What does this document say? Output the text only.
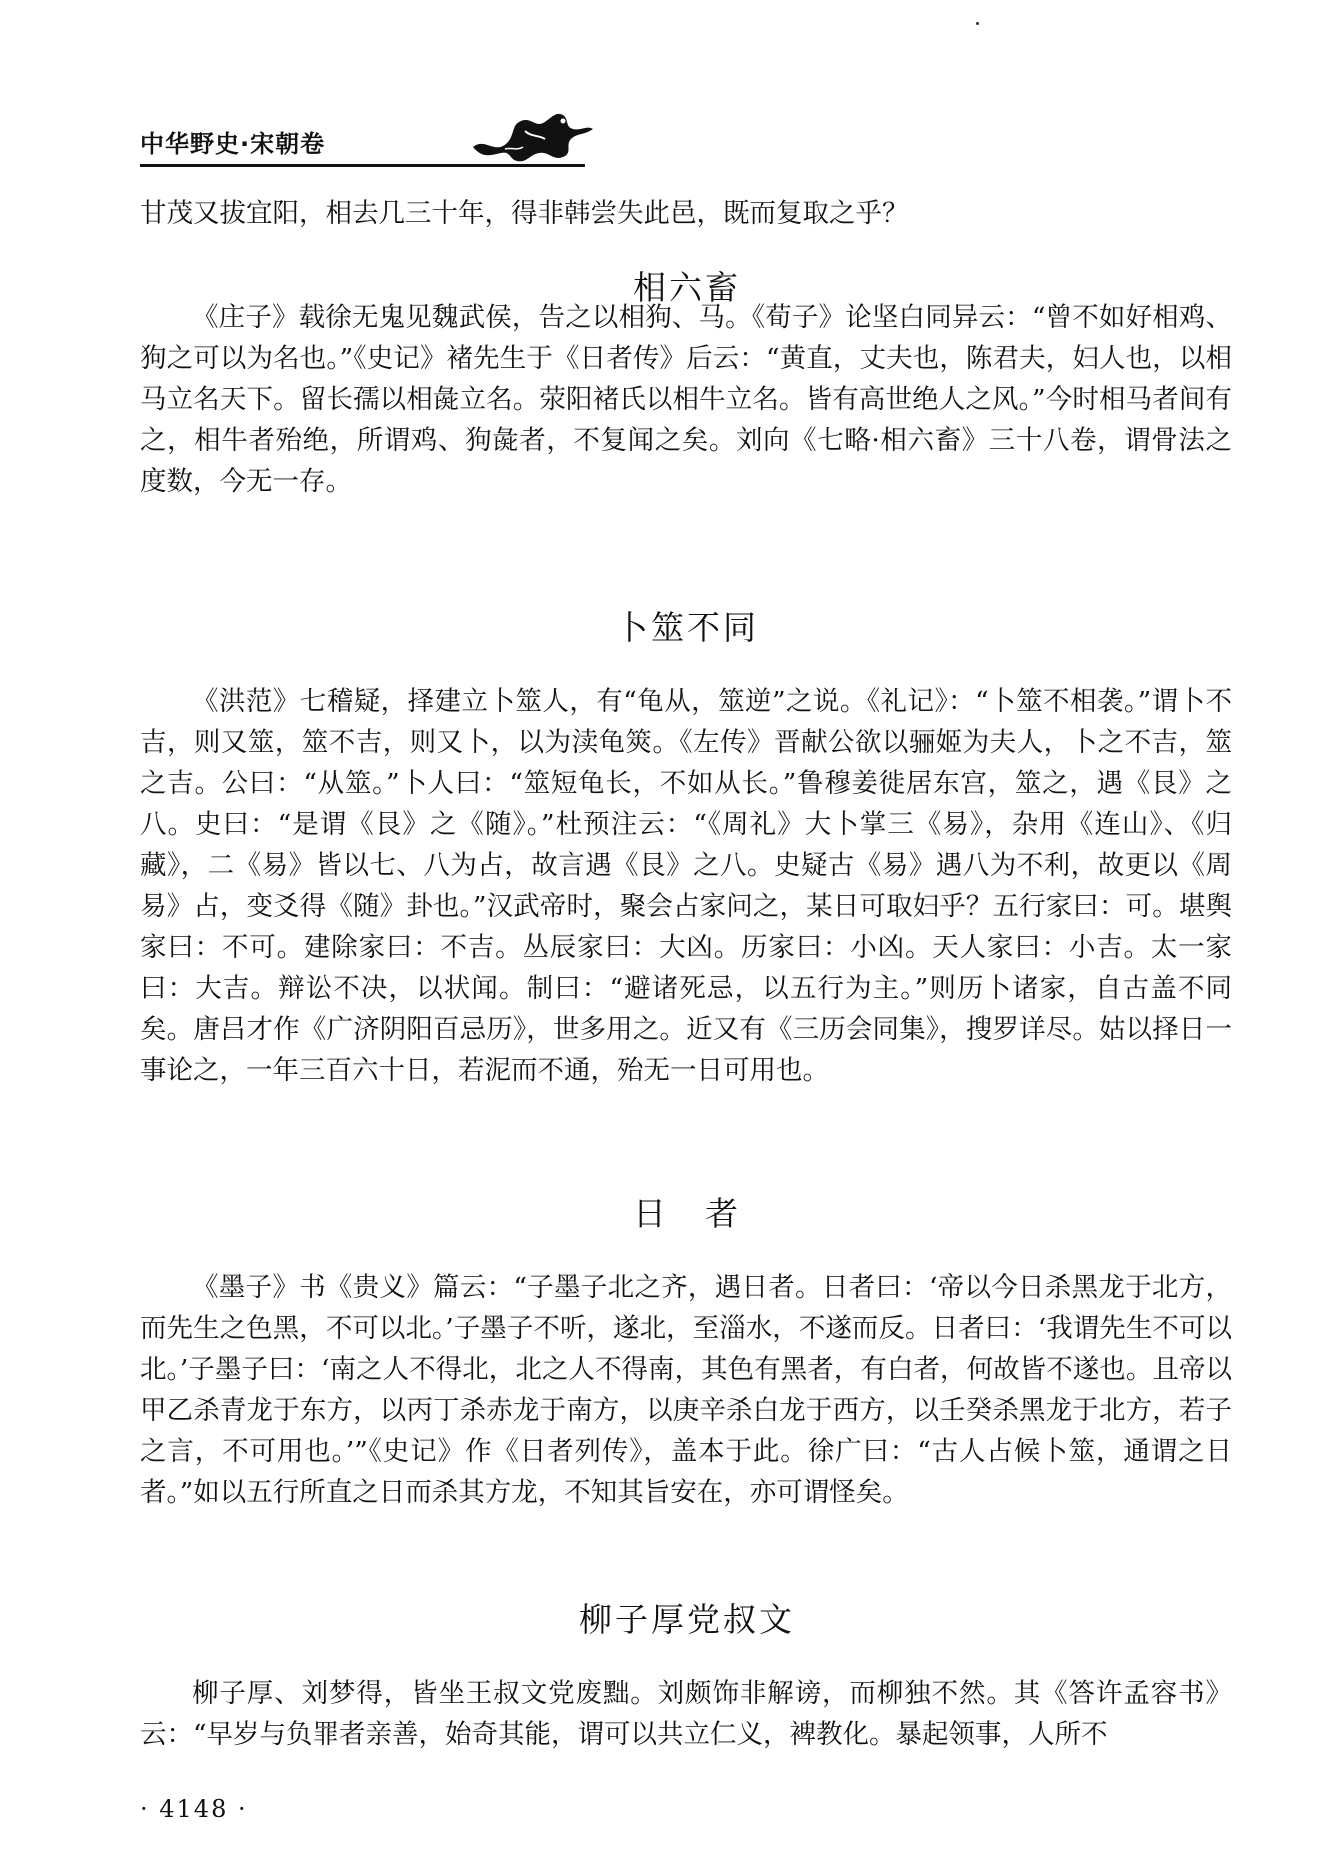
中华野史·宋朝卷
甘茂又拔宜阳，相去几三十年，得非韩尝失此邑，既而复取之乎？
相六畜
《庄子》载徐无鬼见魏武侯，告之以相狗、马。《荀子》论坚白同异云：“曾不如好相鸡、狗之可以为名也。”《史记》褚先生于《日者传》后云：“黄直，丈夫也，陈君夫，妇人也，以相马立名天下。留长孺以相彘立名。荥阳褚氏以相牛立名。皆有高世绝人之风。”今时相马者间有之，相牛者殆绝，所谓鸡、狗彘者，不复闻之矣。刘向《七略·相六畜》三十八卷，谓骨法之度数，今无一存。
卜筮不同
《洪范》七稽疑，择建立卜筮人，有“龟从，筮逆”之说。《礼记》：“卜筮不相袭。”谓卜不吉，则又筮，筮不吉，则又卜，以为渎龟筴。《左传》晋献公欲以骊姬为夫人，卜之不吉，筮之吉。公曰：“从筮。”卜人曰：“筮短龟长，不如从长。”鲁穆姜徙居东宫，筮之，遇《艮》之八。史曰：“是谓《艮》之《随》。”杜预注云：“《周礼》大卜掌三《易》，杂用《连山》、《归藏》，二《易》皆以七、八为占，故言遇《艮》之八。史疑古《易》遇八为不利，故更以《周易》占，变爻得《随》卦也。”汉武帝时，聚会占家问之，某日可取妇乎？五行家曰：可。堪舆家曰：不可。建除家曰：不吉。丛辰家曰：大凶。历家曰：小凶。天人家曰：小吉。太一家曰：大吉。辩讼不决，以状闻。制曰：“避诸死忌，以五行为主。”则历卜诸家，自古盖不同矣。唐吕才作《广济阴阳百忌历》，世多用之。近又有《三历会同集》，搜罗详尽。姑以择日一事论之，一年三百六十日，若泥而不通，殆无一日可用也。
日　者
《墨子》书《贵义》篇云：“子墨子北之齐，遇日者。日者曰：‘帝以今日杀黑龙于北方，而先生之色黑，不可以北。’子墨子不听，遂北，至淄水，不遂而反。日者曰：‘我谓先生不可以北。’子墨子曰：‘南之人不得北，北之人不得南，其色有黑者，有白者，何故皆不遂也。且帝以甲乙杀青龙于东方，以丙丁杀赤龙于南方，以庚辛杀白龙于西方，以壬癸杀黑龙于北方，若子之言，不可用也。’”《史记》作《日者列传》，盖本于此。徐广曰：“古人占候卜筮，通谓之日者。”如以五行所直之日而杀其方龙，不知其旨安在，亦可谓怪矣。
柳子厚党叔文
柳子厚、刘梦得，皆坐王叔文党废黜。刘颇饰非解谤，而柳独不然。其《答许孟容书》云：“早岁与负罪者亲善，始奇其能，谓可以共立仁义，裨教化。暴起领事，人所不
· 4148 ·
